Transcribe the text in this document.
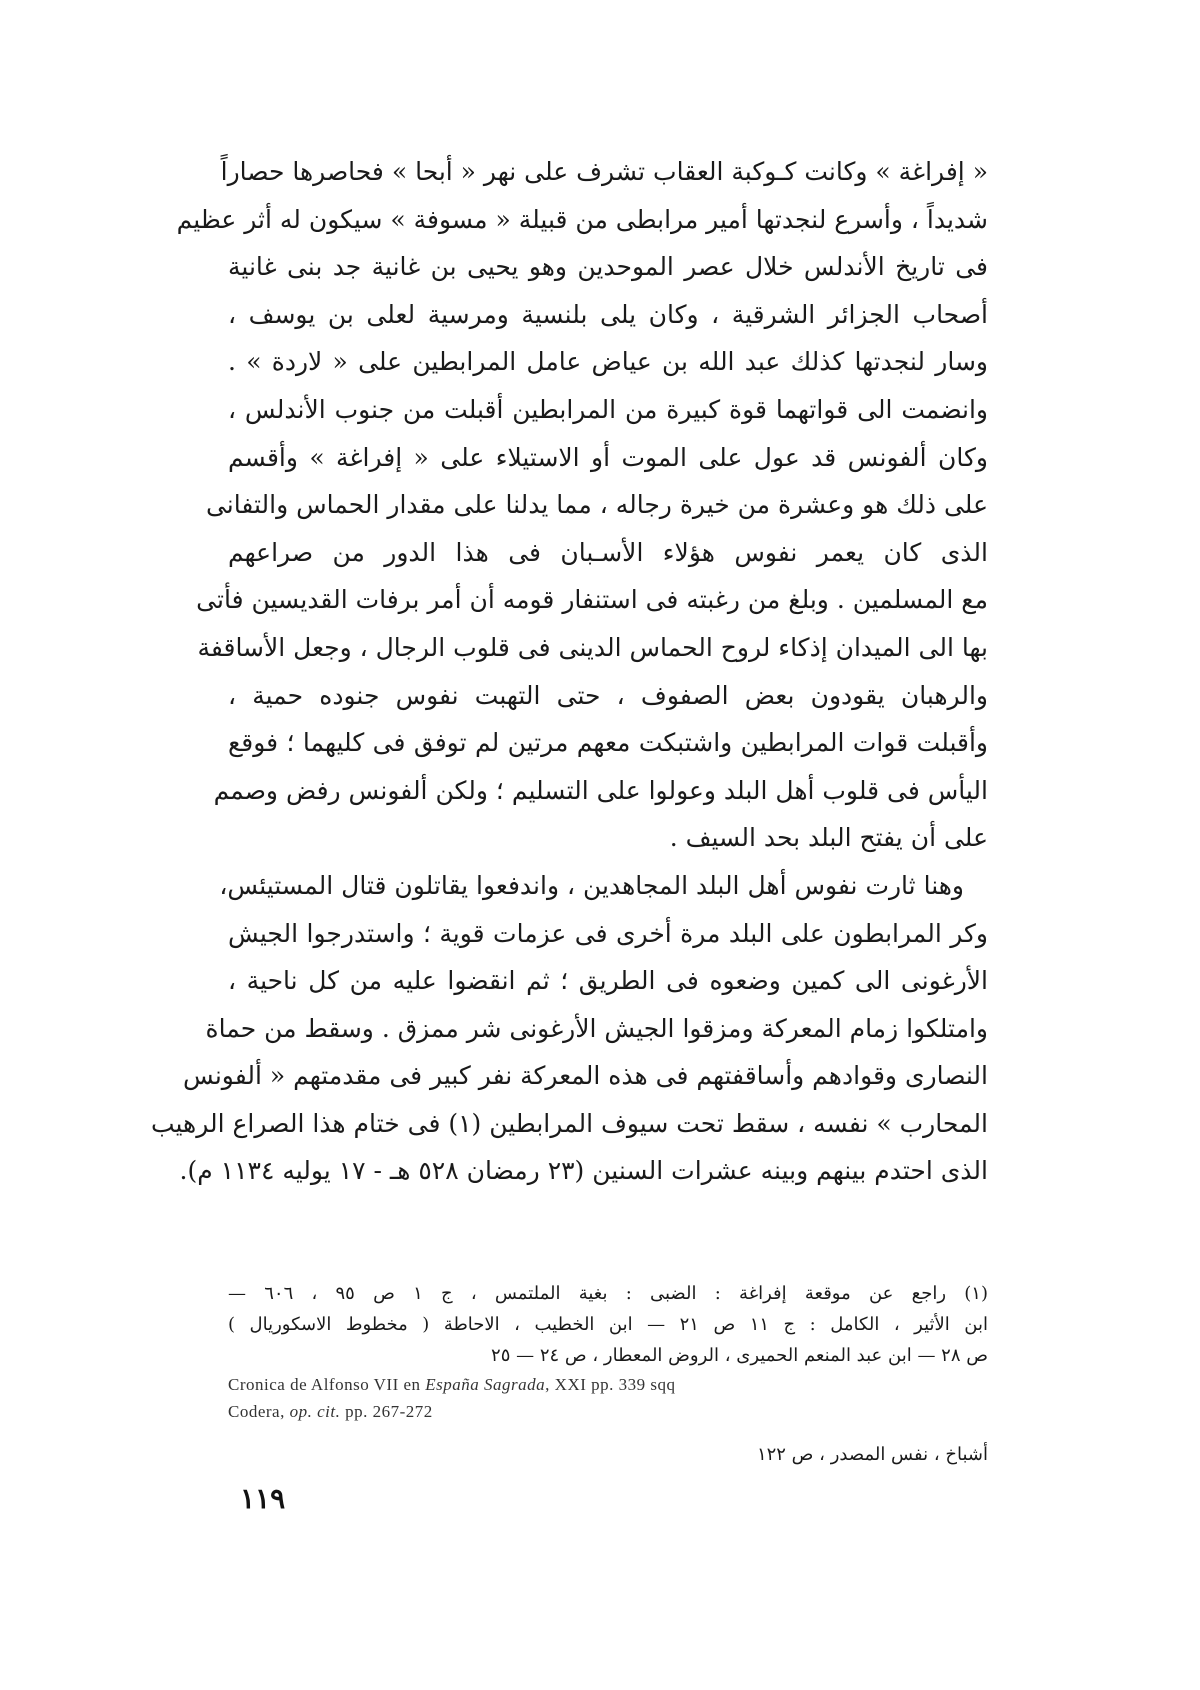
« إفراغة » وكانت كـوكبة العقاب تشرف على نهر « أبحا » فحاصرها حصاراً
شديداً ، وأسرع لنجدتها أمير مرابطى من قبيلة « مسوفة » سيكون له أثر عظيم
فى تاريخ الأندلس خلال عصر الموحدين وهو يحيى بن غانية جد بنى غانية
أصحاب الجزائر الشرقية ، وكان يلى بلنسية ومرسية لعلى بن يوسف ،
وسار لنجدتها كذلك عبد الله بن عياض عامل المرابطين على « لاردة » .
وانضمت الى قواتهما قوة كبيرة من المرابطين أقبلت من جنوب الأندلس ،
وكان ألفونس قد عول على الموت أو الاستيلاء على « إفراغة » وأقسم
على ذلك هو وعشرة من خيرة رجاله ، مما يدلنا على مقدار الحماس والتفانى
الذى كان يعمر نفوس هؤلاء الأسـبان فى هذا الدور من صراعهم
مع المسلمين . وبلغ من رغبته فى استنفار قومه أن أمر برفات القديسين فأتى
بها الى الميدان إذكاء لروح الحماس الدينى فى قلوب الرجال ، وجعل الأساقفة
والرهبان يقودون بعض الصفوف ، حتى التهبت نفوس جنوده حمية ،
وأقبلت قوات المرابطين واشتبكت معهم مرتين لم توفق فى كليهما ؛ فوقع
اليأس فى قلوب أهل البلد وعولوا على التسليم ؛ ولكن ألفونس رفض وصمم
على أن يفتح البلد بحد السيف .

وهنا ثارت نفوس أهل البلد المجاهدين ، واندفعوا يقاتلون قتال المستيئس،
وكر المرابطون على البلد مرة أخرى فى عزمات قوية ؛ واستدرجوا الجيش
الأرغونى الى كمين وضعوه فى الطريق ؛ ثم انقضوا عليه من كل ناحية ،
وامتلكوا زمام المعركة ومزقوا الجيش الأرغونى شر ممزق . وسقط من حماة
النصارى وقوادهم وأساقفتهم فى هذه المعركة نفر كبير فى مقدمتهم « ألفونس
المحارب » نفسه ، سقط تحت سيوف المرابطين (١) فى ختام هذا الصراع الرهيب
الذى احتدم بينهم وبينه عشرات السنين (٢٣ رمضان ٥٢٨ هـ - ١٧ يوليه ١١٣٤ م).

(١) راجع عن موقعة إفراغة : الضبى : بغية الملتمس ، ج ١ ص ٩٥ ، ٦٠٦ —
ابن الأثير ، الكامل : ج ١١ ص ٢١ — ابن الخطيب ، الاحاطة ( مخطوط الاسكوريال )
ص ٢٨ — ابن عبد المنعم الحميرى ، الروض المعطار ، ص ٢٤ — ٢٥
Cronica de Alfonso VII en España Sagrada, XXI pp. 339 sqq
Codera, op. cit. pp. 267-272
أشباخ ، نفس المصدر ، ص ١٢٢
١١٩
